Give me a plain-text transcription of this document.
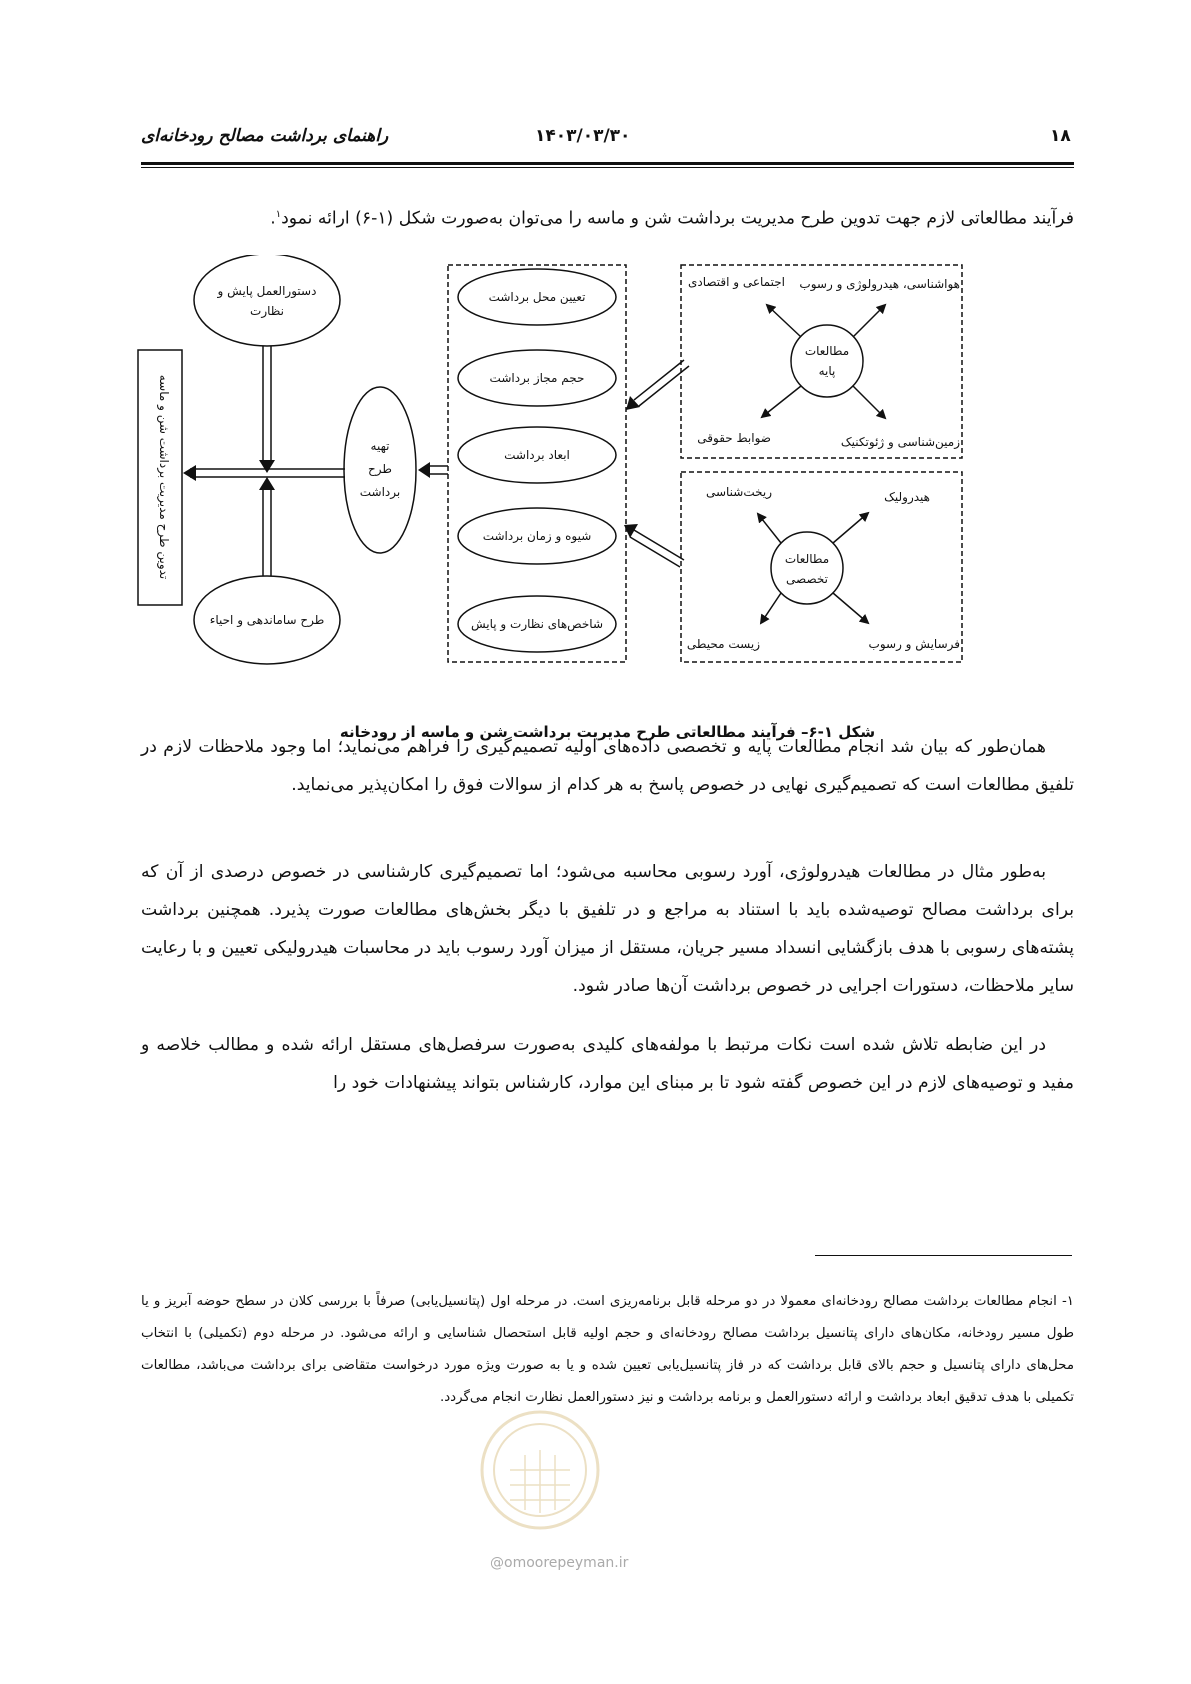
۱۸
۱۴۰۳/۰۳/۳۰
راهنمای برداشت مصالح رودخانه‌ای
فرآیند مطالعاتی لازم جهت تدوین طرح مدیریت برداشت شن و ماسه را می‌توان به‌صورت شکل (۱-۶) ارائه نمود$^۱$.
تدوین طرح مدیریت برداشت شن و ماسه
دستورالعمل پایش و
نظارت
طرح ساماندهی و احیاء
تهیه
طرح
برداشت
تعیین محل برداشت
حجم مجاز برداشت
ابعاد برداشت
شیوه و زمان برداشت
شاخص‌های نظارت و پایش
مطالعات
پایه
هواشناسی، هیدرولوژی و رسوب
اجتماعی و اقتصادی
ضوابط حقوقی	زمین‌شناسی و ژئوتکنیک
مطالعات
تخصصی
هیدرولیک
ریخت‌شناسی
زیست محیطی	فرسایش و رسوب
شکل ۱-۶– فرآیند مطالعاتی طرح مدیریت برداشت شن و ماسه از رودخانه
همان‌طور که بیان شد انجام مطالعات پایه و تخصصی داده‌های اولیه تصمیم‌گیری را فراهم می‌نماید؛ اما وجود ملاحظات لازم در تلفیق مطالعات است که تصمیم‌گیری نهایی در خصوص پاسخ به هر کدام از سوالات فوق را امکان‌پذیر می‌نماید.
به‌طور مثال در مطالعات هیدرولوژی، آورد رسوبی محاسبه می‌شود؛ اما تصمیم‌گیری کارشناسی در خصوص درصدی از آن که برای برداشت مصالح توصیه‌شده باید با استناد به مراجع و در تلفیق با دیگر بخش‌های مطالعات صورت پذیرد. همچنین برداشت پشته‌های رسوبی با هدف بازگشایی انسداد مسیر جریان، مستقل از میزان آورد رسوب باید در محاسبات هیدرولیکی تعیین و با رعایت سایر ملاحظات، دستورات اجرایی در خصوص برداشت آن‌ها صادر شود.
در این ضابطه تلاش شده است نکات مرتبط با مولفه‌های کلیدی به‌صورت سرفصل‌های مستقل ارائه شده و مطالب خلاصه و مفید و توصیه‌های لازم در این خصوص گفته شود تا بر مبنای این موارد، کارشناس بتواند پیشنهادات خود را
۱- انجام مطالعات برداشت مصالح رودخانه‌ای معمولا در دو مرحله قابل برنامه‌ریزی است. در مرحله اول (پتانسیل‌یابی) صرفاً با بررسی کلان در سطح حوضه آبریز و یا طول مسیر رودخانه، مکان‌های دارای پتانسیل برداشت مصالح رودخانه‌ای و حجم اولیه قابل استحصال شناسایی و ارائه می‌شود. در مرحله دوم (تکمیلی) با انتخاب محل‌های دارای پتانسیل و حجم بالای قابل برداشت که در فاز پتانسیل‌یابی تعیین شده و یا به صورت ویژه مورد درخواست متقاضی برای برداشت می‌باشد، مطالعات تکمیلی با هدف تدقیق ابعاد برداشت و ارائه دستورالعمل و برنامه برداشت و نیز دستورالعمل نظارت انجام می‌گردد.
@omoorepeyman.ir
